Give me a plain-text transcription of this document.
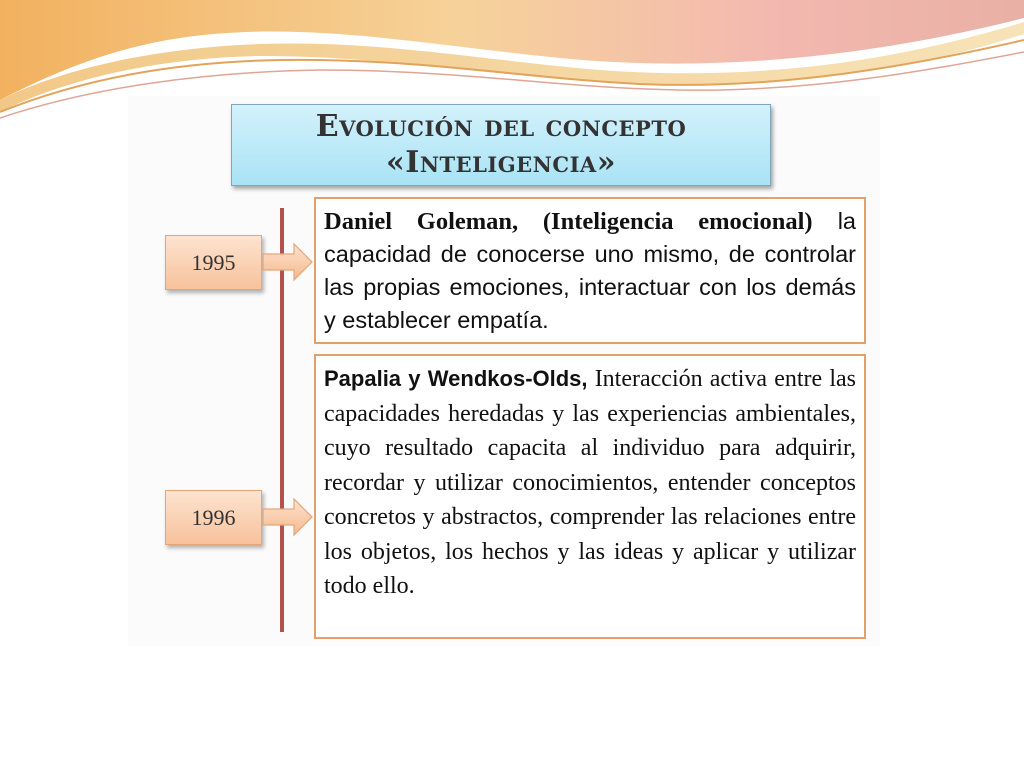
Evolución del concepto
«Inteligencia»
1995
1996

Daniel Goleman, (Inteligencia emocional) la capacidad de conocerse uno mismo, de controlar las propias emociones, interactuar con los demás y establecer empatía.

Papalia y Wendkos-Olds, Interacción activa entre las capacidades heredadas y las experiencias ambientales, cuyo resultado capacita al individuo para adquirir, recordar y utilizar conocimientos, entender conceptos concretos y abstractos, comprender las relaciones entre los objetos, los hechos y las ideas y aplicar y utilizar todo ello.
